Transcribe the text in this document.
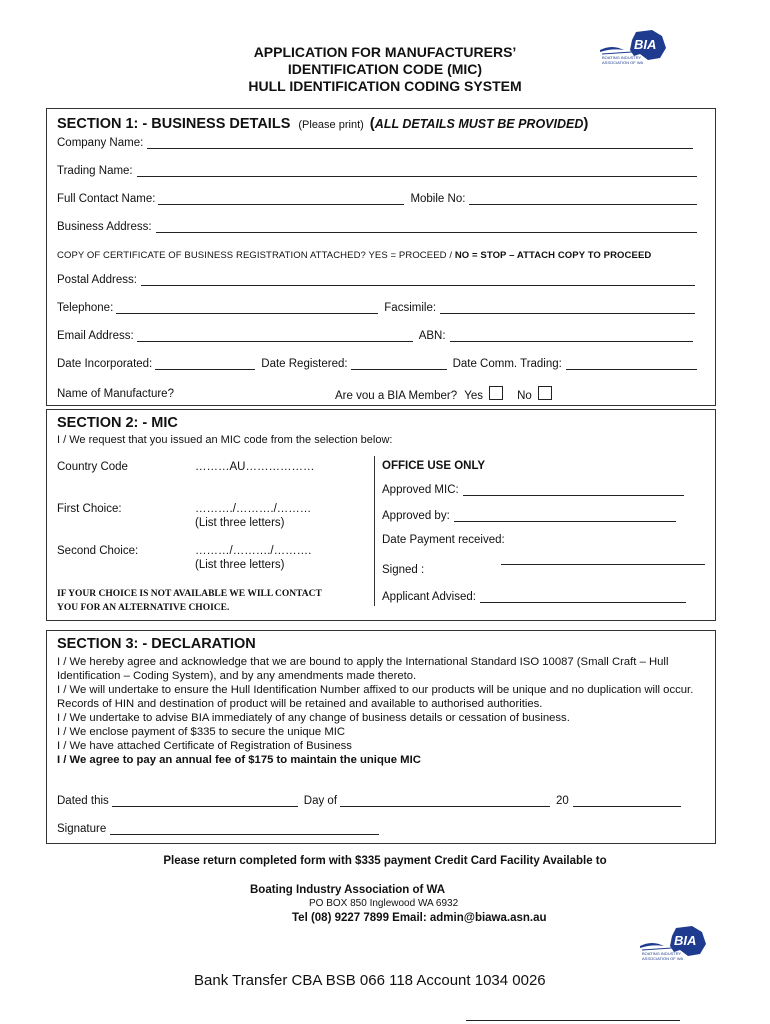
APPLICATION FOR MANUFACTURERS’
IDENTIFICATION CODE (MIC)
HULL IDENTIFICATION CODING SYSTEM
BIA
BOATING INDUSTRY
ASSOCIATION OF WA
SECTION 1: - BUSINESS DETAILS (Please print) (ALL DETAILS MUST BE PROVIDED)
Company Name:
Trading Name:
Full Contact Name:	Mobile No:
Business Address:
COPY OF CERTIFICATE OF BUSINESS REGISTRATION ATTACHED? YES = PROCEED / NO = STOP – ATTACH COPY TO PROCEED
Postal Address:
Telephone:	Facsimile:
Email Address:	ABN:
Date Incorporated:	Date Registered:	Date Comm. Trading:
Name of Manufacture?	Are vou a BIA Member? Yes	No
SECTION 2: - MIC
I / We request that you issued an MIC code from the selection below:
Country Code	………AU………………
First Choice:	………./………./………
(List three letters)
Second Choice:	………/………./……….
(List three letters)
IF YOUR CHOICE IS NOT AVAILABLE WE WILL CONTACT
YOU FOR AN ALTERNATIVE CHOICE.
OFFICE USE ONLY
Approved MIC:
Approved by:
Date Payment received:
Signed :
Applicant Advised:
SECTION 3: - DECLARATION

I / We hereby agree and acknowledge that we are bound to apply the International Standard ISO 10087 (Small Craft – Hull Identification – Coding System), and by any amendments made thereto.

I / We will undertake to ensure the Hull Identification Number affixed to our products will be unique and no duplication will occur. Records of HIN and destination of product will be retained and available to authorised authorities.

I / We undertake to advise BIA immediately of any change of business details or cessation of business.

I / We enclose payment of $335 to secure the unique MIC

I / We have attached Certificate of Registration of Business

I / We agree to pay an annual fee of $175 to maintain the unique MIC

Dated this	Day of	20
Signature
Please return completed form with $335 payment Credit Card Facility Available to
Boating Industry Association of WA
PO BOX 850 Inglewood WA 6932
Tel (08) 9227 7899 Email: admin@biawa.asn.au
BIA
BOATING INDUSTRY
ASSOCIATION OF WA
Bank Transfer CBA BSB 066 118 Account 1034 0026
